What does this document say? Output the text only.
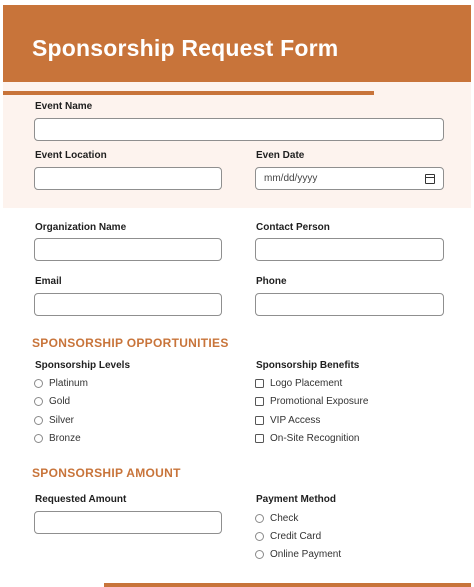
Sponsorship Request Form
Event Name
Event Location	Even Date
mm/dd/yyyy
Organization Name	Contact Person
Email	Phone
SPONSORSHIP OPPORTUNITIES
Sponsorship Levels
Platinum
Gold
Silver
Bronze
Sponsorship Benefits
Logo Placement
Promotional Exposure
VIP Access
On-Site Recognition
SPONSORSHIP AMOUNT
Requested Amount	Payment Method
Check
Credit Card
Online Payment
